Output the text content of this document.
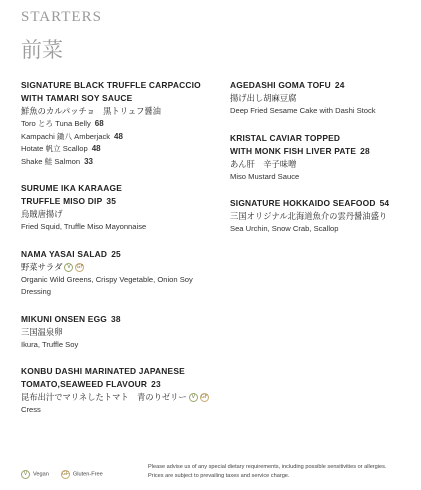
STARTERS
前菜
SIGNATURE BLACK TRUFFLE CARPACCIO WITH TAMARI SOY SAUCE
鮮魚のカルパッチョ　黒トリュフ醤油
Toro とろ Tuna Belly 68
Kampachi 鋤八 Amberjack 48
Hotate 帆立 Scallop 48
Shake 鮭 Salmon 33
SURUME IKA KARAAGE
TRUFFLE MISO DIP 35
烏賊唐揚げ
Fried Squid, Truffle Miso Mayonnaise
NAMA YASAI SALAD 25
野菜サラダ V GF
Organic Wild Greens, Crispy Vegetable, Onion Soy Dressing
MIKUNI ONSEN EGG 38
三国温泉卵
Ikura, Truffle Soy
KONBU DASHI MARINATED JAPANESE TOMATO,SEAWEED FLAVOUR 23
昆布出汁でマリネしたトマト　青のりゼリー V GF
Cress
AGEDASHI GOMA TOFU 24
揚げ出し胡麻豆腐
Deep Fried Sesame Cake with Dashi Stock
KRISTAL CAVIAR TOPPED
WITH MONK FISH LIVER PATE 28
あん肝　辛子味噌
Miso Mustard Sauce
SIGNATURE HOKKAIDO SEAFOOD 54
三国オリジナル北海道魚介の雲丹醤油盛り
Sea Urchin, Snow Crab, Scallop
Please advise us of any special dietary requirements, including possible sensitivities or allergies.
Prices are subject to prevailing taxes and service charge.
V Vegan	GF Gluten-Free
